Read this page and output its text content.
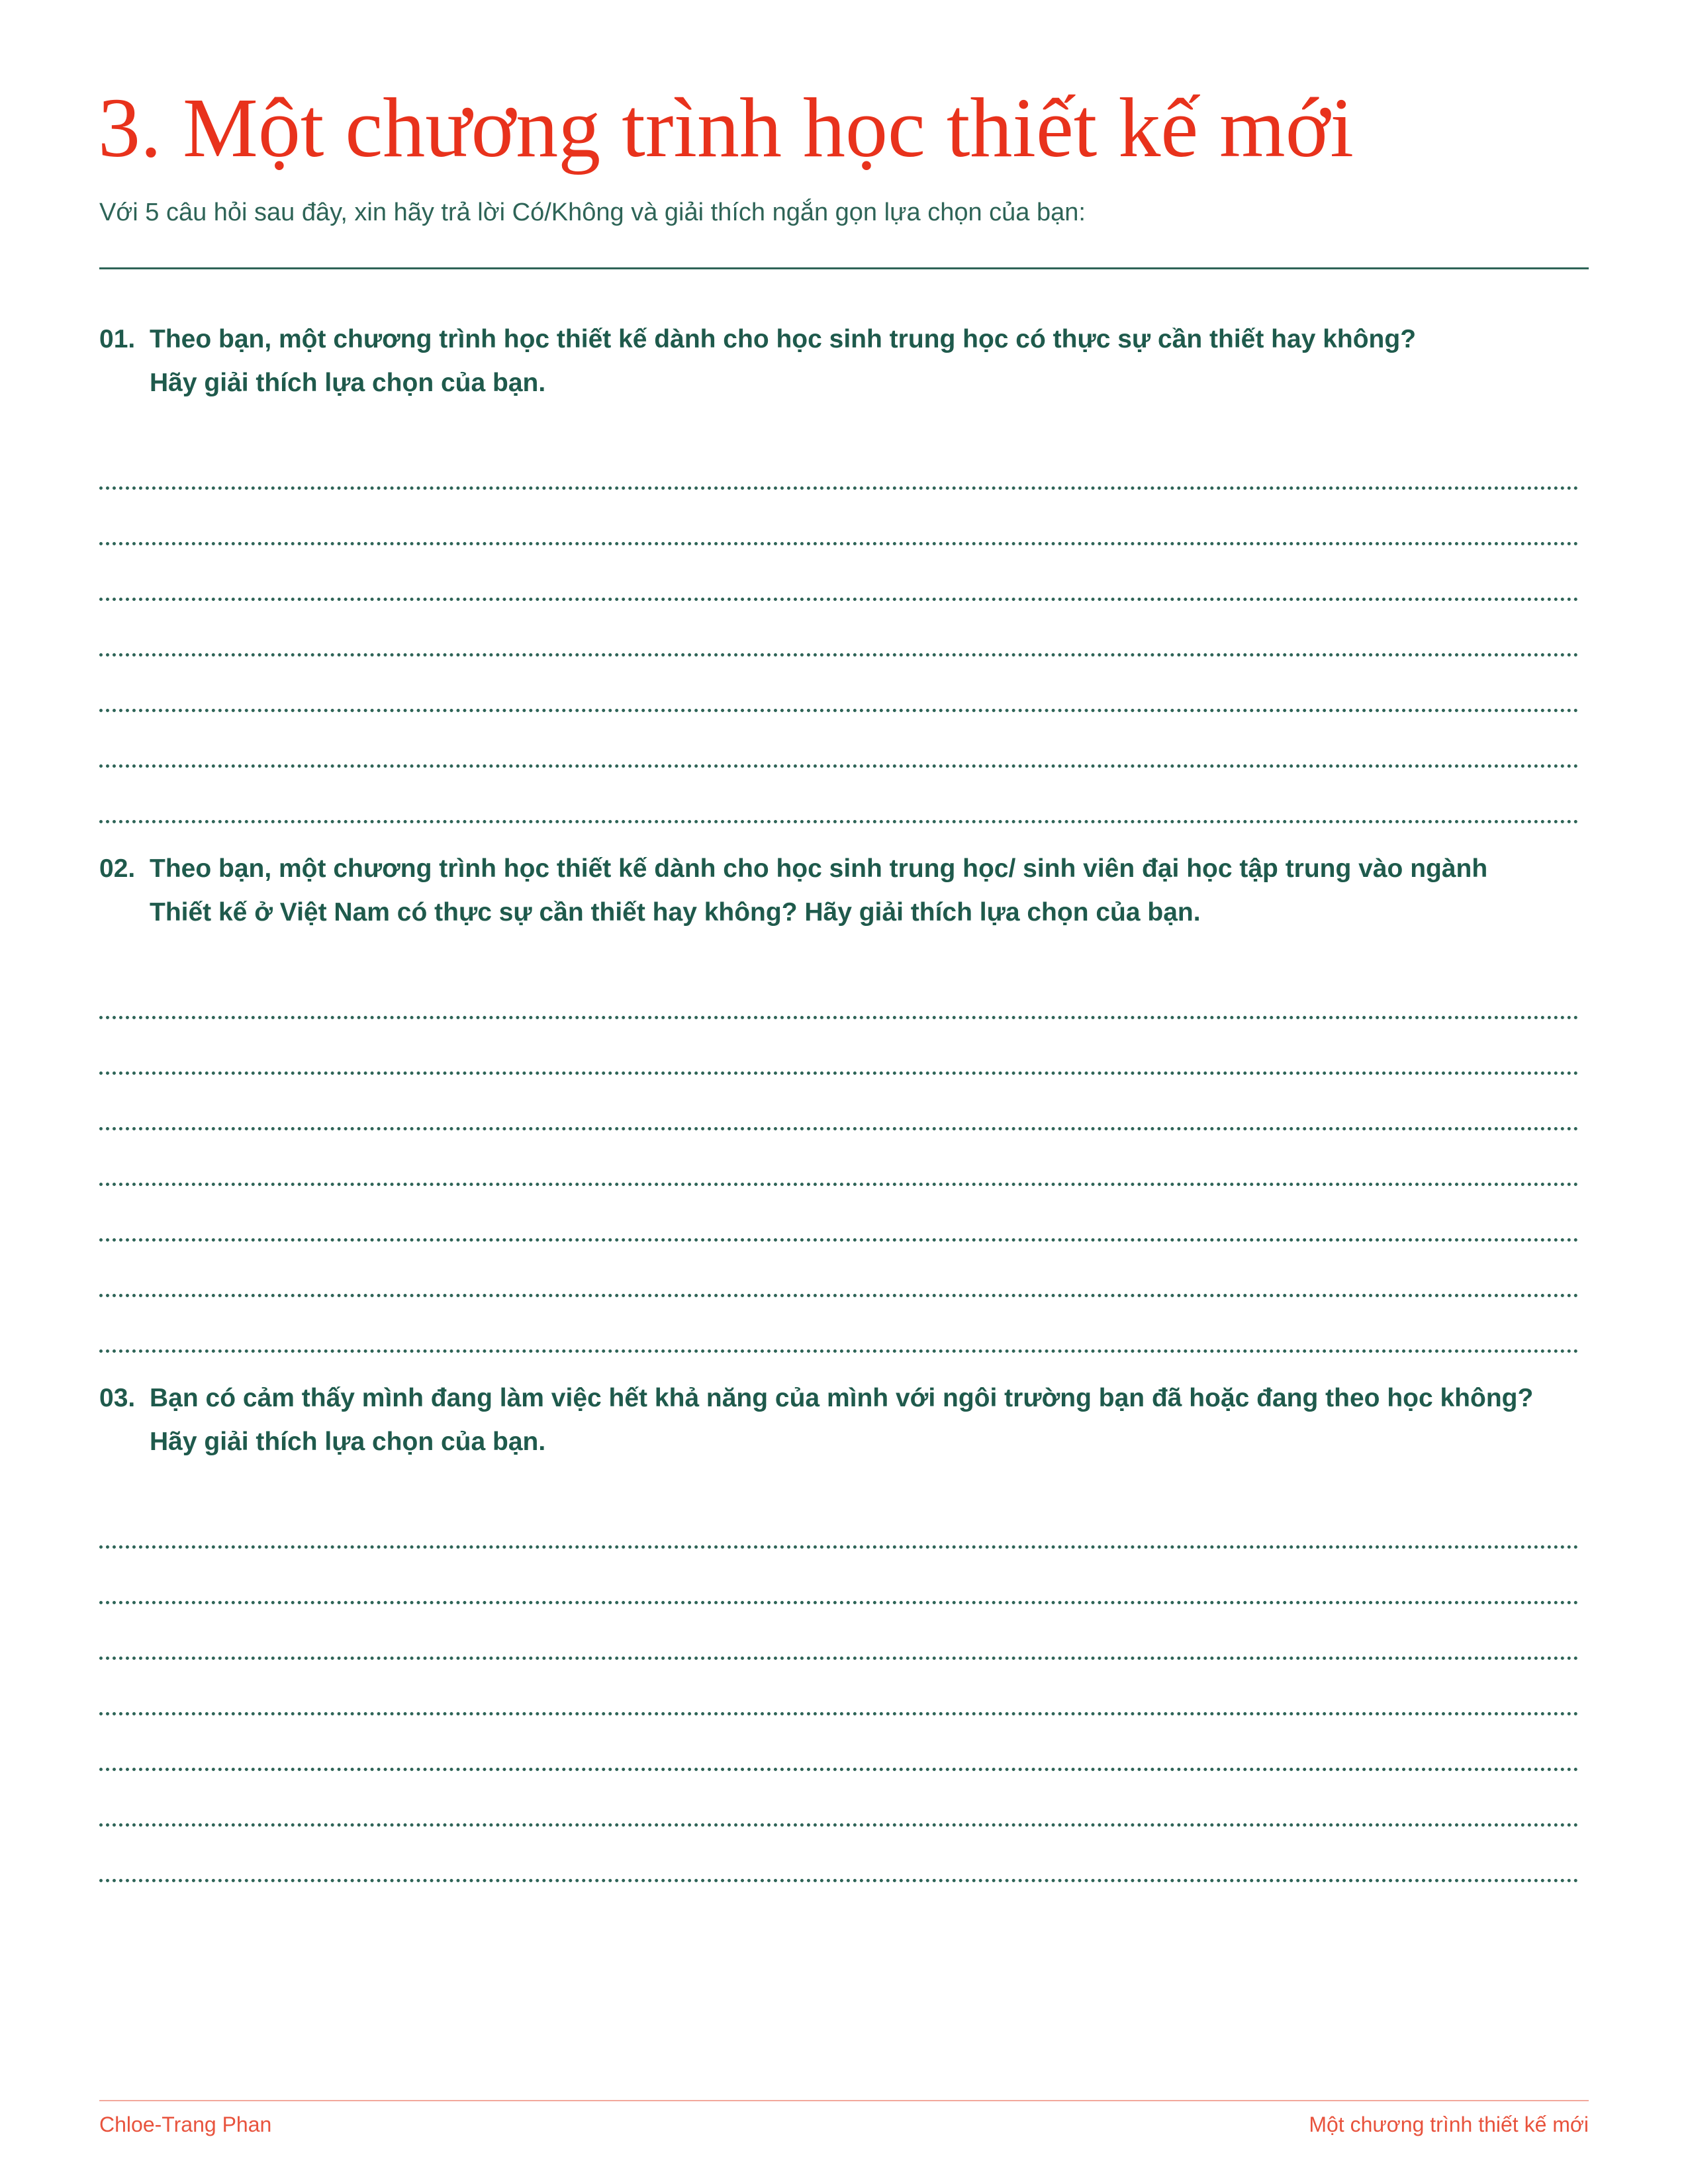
3. Một chương trình học thiết kế mới

Với 5 câu hỏi sau đây, xin hãy trả lời Có/Không và giải thích ngắn gọn lựa chọn của bạn:

01. Theo bạn, một chương trình học thiết kế dành cho học sinh trung học có thực sự cần thiết hay không?
Hãy giải thích lựa chọn của bạn.
02. Theo bạn, một chương trình học thiết kế dành cho học sinh trung học/ sinh viên đại học tập trung vào ngành
Thiết kế ở Việt Nam có thực sự cần thiết hay không? Hãy giải thích lựa chọn của bạn.
03. Bạn có cảm thấy mình đang làm việc hết khả năng của mình với ngôi trường bạn đã hoặc đang theo học không?
Hãy giải thích lựa chọn của bạn.
Chloe-Trang Phan	Một chương trình thiết kế mới
